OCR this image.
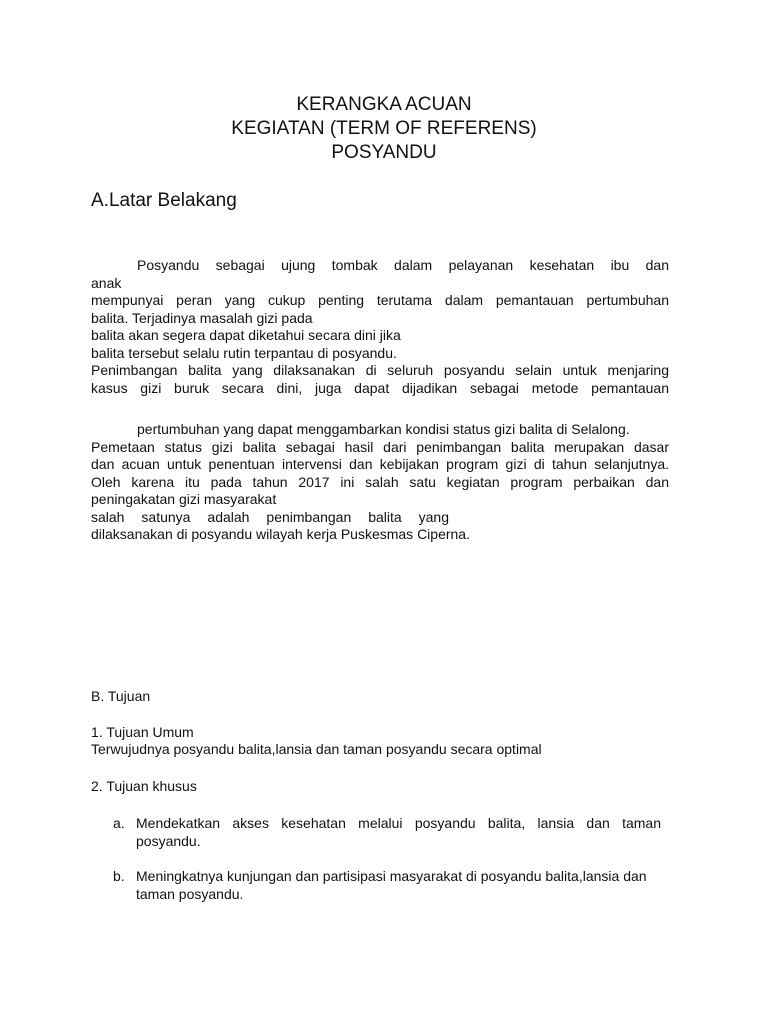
KERANGKA ACUAN
KEGIATAN (TERM OF REFERENS)
POSYANDU
A.Latar Belakang
Posyandu sebagai ujung tombak dalam pelayanan kesehatan ibu dan
anak
mempunyai peran yang cukup penting terutama dalam pemantauan pertumbuhan
balita. Terjadinya masalah gizi pada
balita akan segera dapat diketahui secara dini jika
balita tersebut selalu rutin terpantau di posyandu.
Penimbangan balita yang dilaksanakan di seluruh posyandu selain untuk menjaring
kasus gizi buruk secara dini, juga dapat dijadikan sebagai metode pemantauan
pertumbuhan yang dapat menggambarkan kondisi status gizi balita di Selalong.
Pemetaan status gizi balita sebagai hasil dari penimbangan balita merupakan dasar
dan acuan untuk penentuan intervensi dan kebijakan program gizi di tahun selanjutnya.
Oleh karena itu pada tahun 2017 ini salah satu kegiatan program perbaikan dan
peningakatan gizi masyarakat
salah satunya adalah penimbangan balita yang
dilaksanakan di posyandu wilayah kerja Puskesmas Ciperna.
B. Tujuan
1. Tujuan Umum
Terwujudnya posyandu balita,lansia dan taman posyandu secara optimal
2. Tujuan khusus
a. Mendekatkan akses kesehatan melalui posyandu balita, lansia dan taman posyandu.
b. Meningkatnya kunjungan dan partisipasi masyarakat di posyandu balita,lansia dan taman posyandu.
